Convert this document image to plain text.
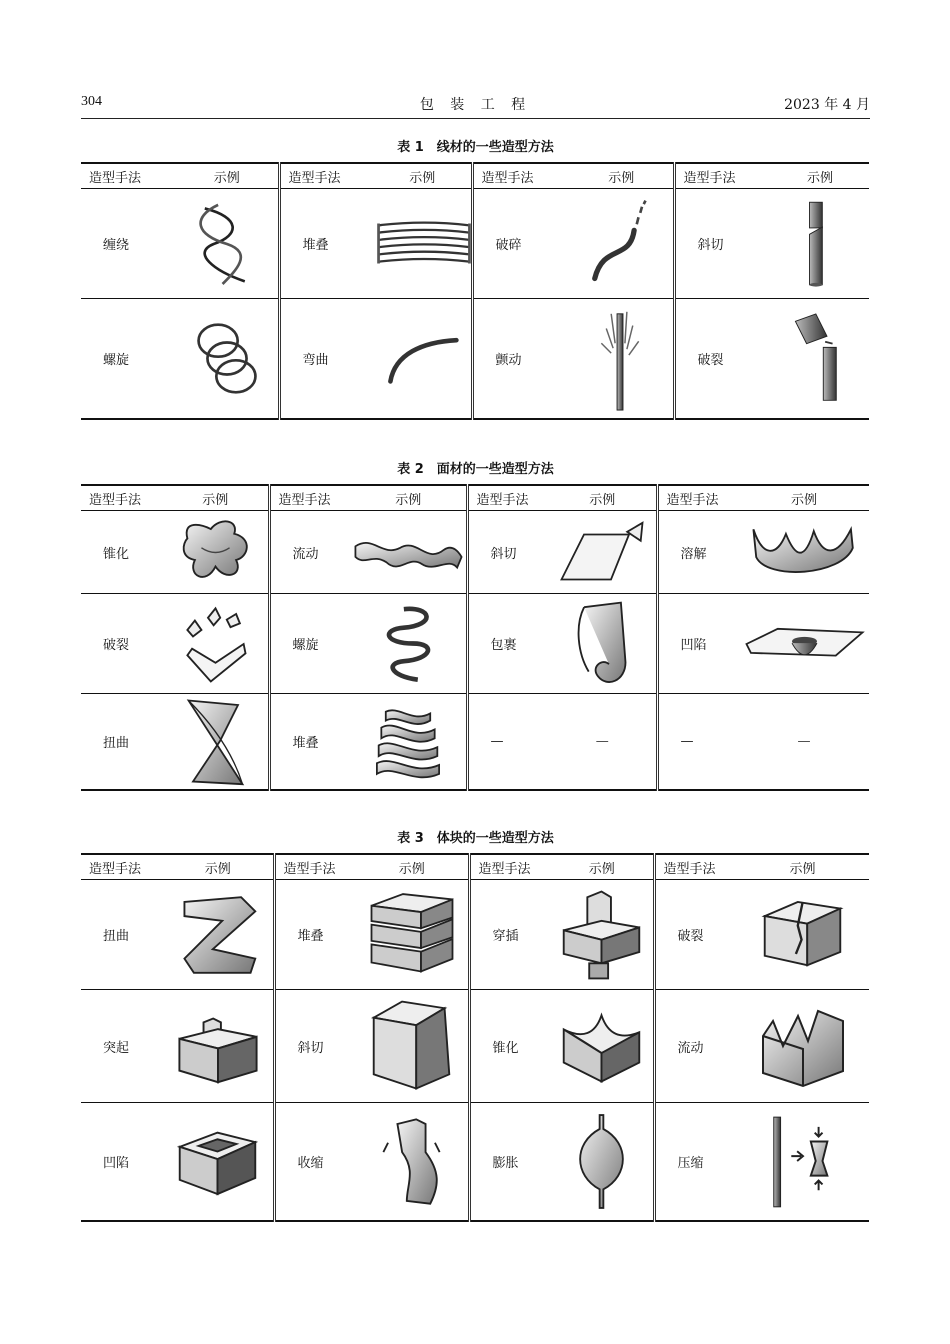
304	包 装 工 程	2023 年 4 月
表 1　线材的一些造型方法
造型手法	示例	造型手法	示例	造型手法	示例	造型手法	示例
缠绕		堆叠		破碎		斜切	
螺旋		弯曲		颤动		破裂	
表 2　面材的一些造型方法
造型手法	示例	造型手法	示例	造型手法	示例	造型手法	示例
锥化		流动		斜切		溶解	
破裂		螺旋		包裹		凹陷	
扭曲		堆叠		—	—	—	—
表 3　体块的一些造型方法
造型手法	示例	造型手法	示例	造型手法	示例	造型手法	示例
扭曲		堆叠		穿插		破裂	
突起		斜切		锥化		流动	
凹陷		收缩		膨胀		压缩	
